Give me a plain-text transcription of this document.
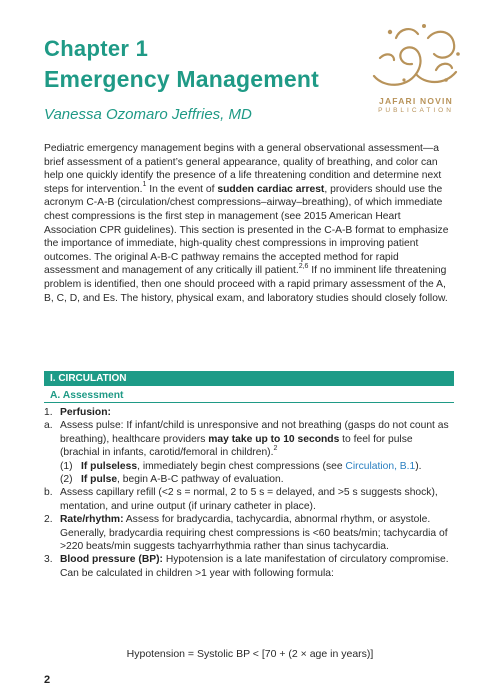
Chapter 1
Emergency Management
Vanessa Ozomaro Jeffries, MD
JAFARI NOVIN
PUBLICATION
Pediatric emergency management begins with a general observational assessment—a brief assessment of a patient’s general appearance, quality of breathing, and color can help one quickly identify the presence of a life threatening condition and determine next steps for intervention.$^1$ In the event of sudden cardiac arrest, providers should use the acronym C-A-B (circulation/chest compressions–airway–breathing), of which immediate chest compressions is the first step in management (see 2015 American Heart Association CPR guidelines). This section is presented in the C-A-B format to emphasize the importance of immediate, high-quality chest compressions in improving patient outcomes. The original A-B-C pathway remains the accepted method for rapid assessment and management of any critically ill patient.$^{2,6}$ If no imminent life threatening problem is identified, then one should proceed with a rapid primary assessment of the A, B, C, D, and Es. The history, physical exam, and laboratory studies should closely follow.
I. CIRCULATION
A. Assessment
1. Perfusion:
a. Assess pulse: If infant/child is unresponsive and not breathing (gasps do not count as breathing), healthcare providers may take up to 10 seconds to feel for pulse (brachial in infants, carotid/femoral in children).$^2$
(1) If pulseless, immediately begin chest compressions (see Circulation, B.1).
(2) If pulse, begin A-B-C pathway of evaluation.
b. Assess capillary refill (<2 s = normal, 2 to 5 s = delayed, and >5 s suggests shock), mentation, and urine output (if urinary catheter in place).
2. Rate/rhythm: Assess for bradycardia, tachycardia, abnormal rhythm, or asystole. Generally, bradycardia requiring chest compressions is <60 beats/min; tachycardia of >220 beats/min suggests tachyarrhythmia rather than sinus tachycardia.
3. Blood pressure (BP): Hypotension is a late manifestation of circulatory compromise. Can be calculated in children >1 year with following formula:
Hypotension = Systolic BP < [70 + (2 × age in years)]
2
